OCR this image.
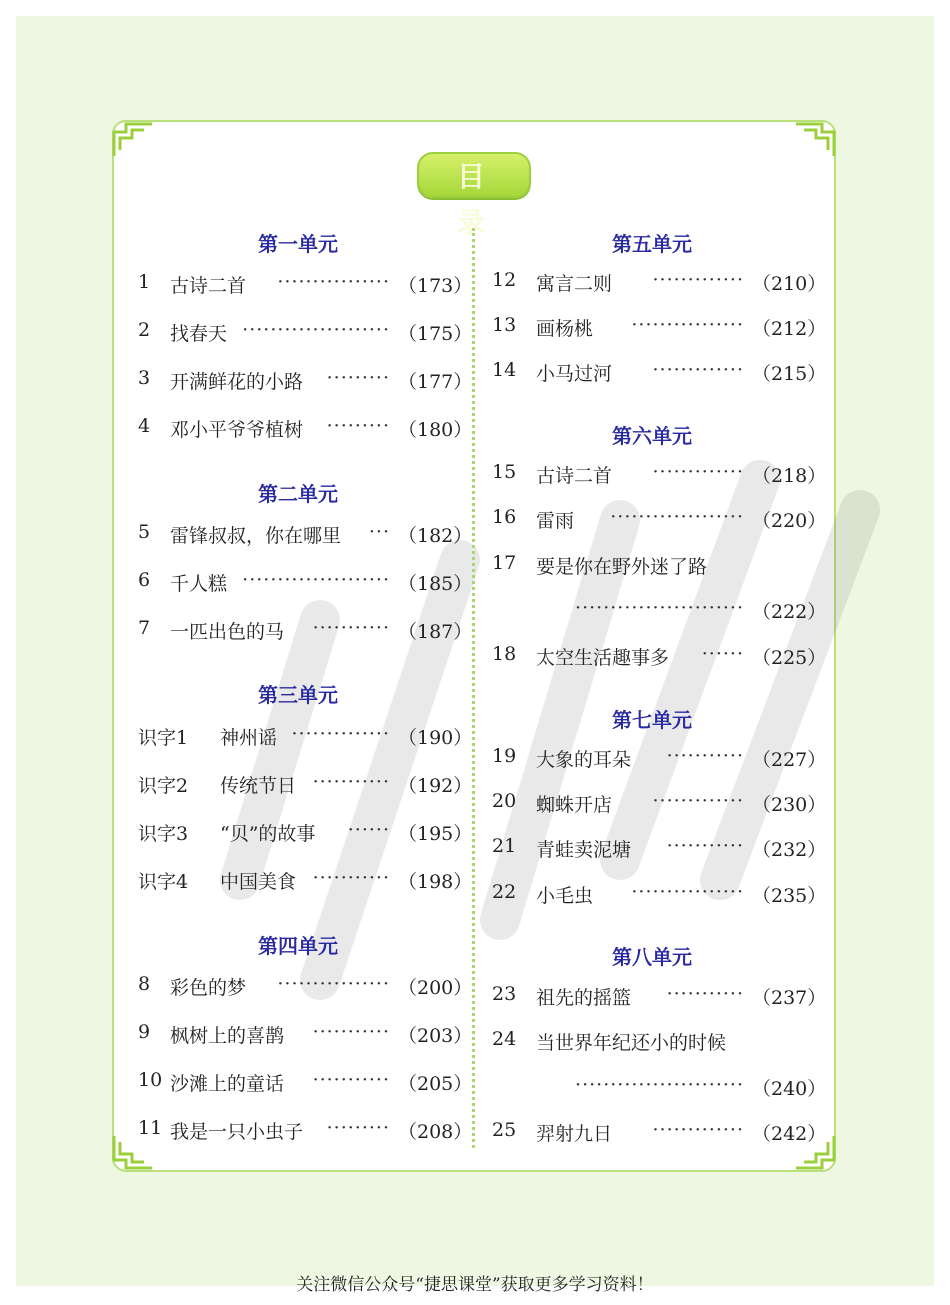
目 录
第一单元
1 古诗二首 ················ （173）
2 找春天 ····················· （175）
3 开满鲜花的小路 ········· （177）
4 邓小平爷爷植树 ········· （180）
第二单元
5 雷锋叔叔，你在哪里 ··· （182）
6 千人糕 ····················· （185）
7 一匹出色的马 ··········· （187）
第三单元
识字1 神州谣 ·············· （190）
识字2 传统节日 ··········· （192）
识字3 “贝”的故事 ······ （195）
识字4 中国美食 ··········· （198）
第四单元
8 彩色的梦 ················ （200）
9 枫树上的喜鹊 ··········· （203）
10 沙滩上的童话 ··········· （205）
11 我是一只小虫子 ········· （208）
第五单元
12 寓言二则 ············· （210）
13 画杨桃 ················ （212）
14 小马过河 ············· （215）
第六单元
15 古诗二首 ············· （218）
16 雷雨 ··················· （220）
17 要是你在野外迷了路
························ （222）
18 太空生活趣事多 ······ （225）
第七单元
19 大象的耳朵 ··········· （227）
20 蜘蛛开店 ············· （230）
21 青蛙卖泥塘 ··········· （232）
22 小毛虫 ················ （235）
第八单元
23 祖先的摇篮 ··········· （237）
24 当世界年纪还小的时候
························ （240）
25 羿射九日 ············· （242）
关注微信公众号“捷思课堂”获取更多学习资料！
